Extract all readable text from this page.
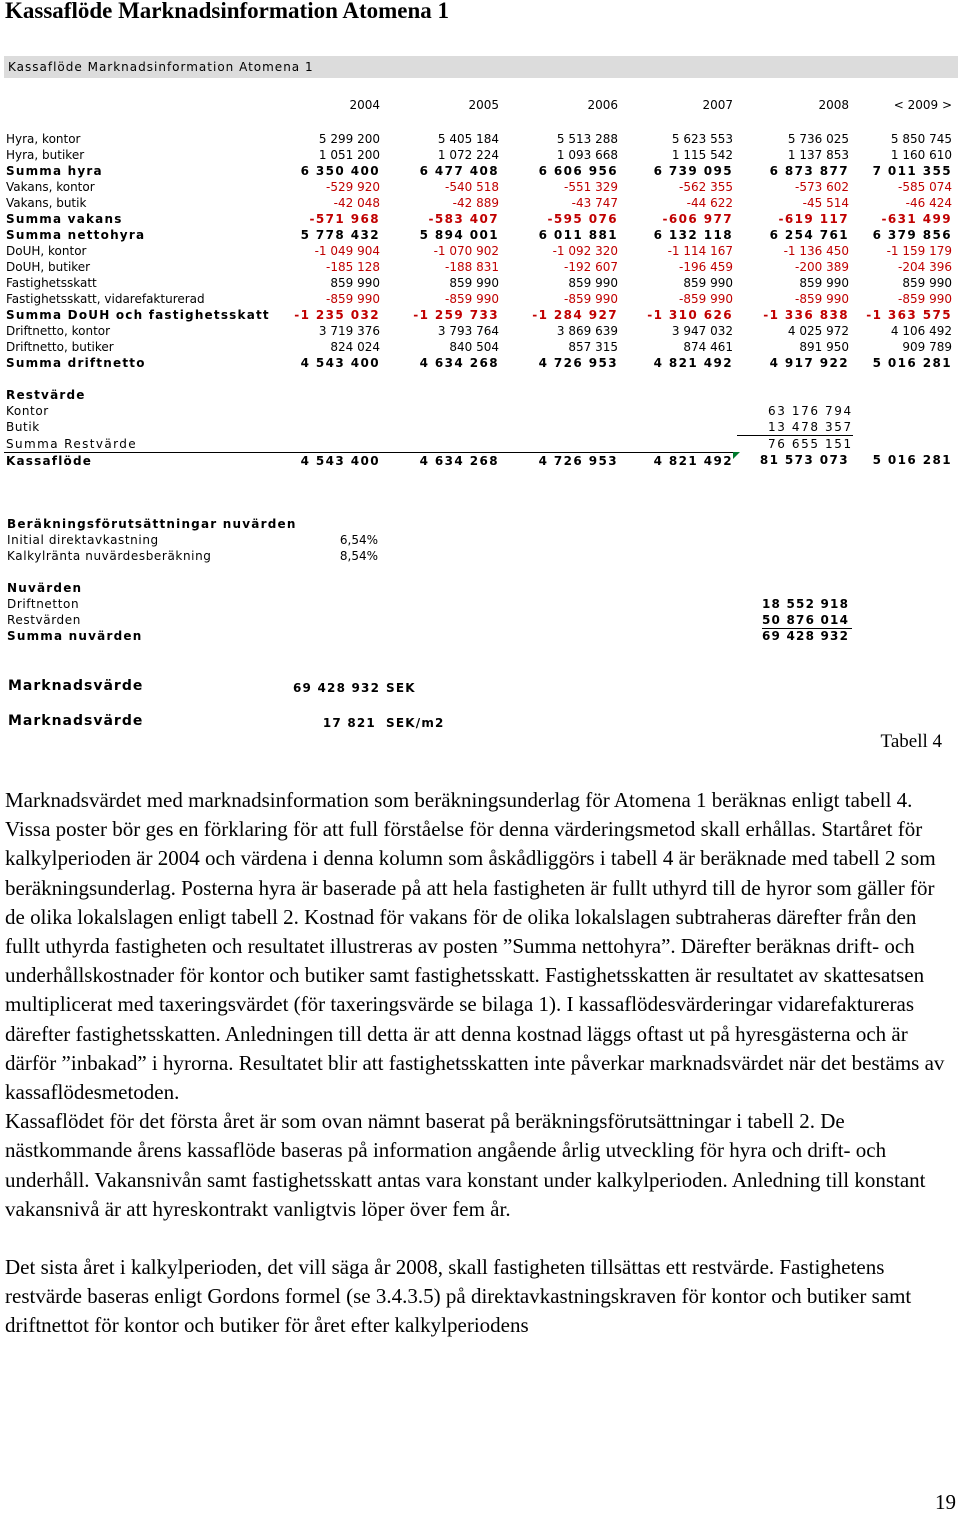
Kassaflöde Marknadsinformation Atomena 1
Kassaflöde Marknadsinformation Atomena 1
	2004	2005	2006	2007	2008	< 2009 >

Hyra, kontor	5 299 200	5 405 184	5 513 288	5 623 553	5 736 025	5 850 745
Hyra, butiker	1 051 200	1 072 224	1 093 668	1 115 542	1 137 853	1 160 610
Summa hyra	6 350 400	6 477 408	6 606 956	6 739 095	6 873 877	7 011 355
Vakans, kontor	-529 920	-540 518	-551 329	-562 355	-573 602	-585 074
Vakans, butik	-42 048	-42 889	-43 747	-44 622	-45 514	-46 424
Summa vakans	-571 968	-583 407	-595 076	-606 977	-619 117	-631 499
Summa nettohyra	5 778 432	5 894 001	6 011 881	6 132 118	6 254 761	6 379 856
DoUH, kontor	-1 049 904	-1 070 902	-1 092 320	-1 114 167	-1 136 450	-1 159 179
DoUH, butiker	-185 128	-188 831	-192 607	-196 459	-200 389	-204 396
Fastighetsskatt	859 990	859 990	859 990	859 990	859 990	859 990
Fastighetsskatt, vidarefakturerad	-859 990	-859 990	-859 990	-859 990	-859 990	-859 990
Summa DoUH och fastighetsskatt	-1 235 032	-1 259 733	-1 284 927	-1 310 626	-1 336 838	-1 363 575
Driftnetto, kontor	3 719 376	3 793 764	3 869 639	3 947 032	4 025 972	4 106 492
Driftnetto, butiker	824 024	840 504	857 315	874 461	891 950	909 789
Summa driftnetto	4 543 400	4 634 268	4 726 953	4 821 492	4 917 922	5 016 281

Restvärde						
Kontor					63 176 794	
Butik					13 478 357	
Summa Restvärde					76 655 151	
Kassaflöde	4 543 400	4 634 268	4 726 953	4 821 492	81 573 073	5 016 281
Beräkningsförutsättningar nuvärden
Initial direktavkastning	6,54%
Kalkylränta nuvärdesberäkning	8,54%
Nuvärden
Driftnetton	18 552 918
Restvärden	50 876 014
Summa nuvärden	69 428 932
Marknadsvärde	69 428 932 SEK
Marknadsvärde	17 821 SEK/m2
Tabell 4

Marknadsvärdet med marknadsinformation som beräkningsunderlag för Atomena 1 beräknas enligt tabell 4. Vissa poster bör ges en förklaring för att full förståelse för denna värderingsmetod skall erhållas. Startåret för kalkylperioden är 2004 och värdena i denna kolumn som åskådliggörs i tabell 4 är beräknade med tabell 2 som beräkningsunderlag. Posterna hyra är baserade på att hela fastigheten är fullt uthyrd till de hyror som gäller för de olika lokalslagen enligt tabell 2. Kostnad för vakans för de olika lokalslagen subtraheras därefter från den fullt uthyrda fastigheten och resultatet illustreras av posten ”Summa nettohyra”. Därefter beräknas drift- och underhållskostnader för kontor och butiker samt fastighetsskatt. Fastighetsskatten är resultatet av skattesatsen multiplicerat med taxeringsvärdet (för taxeringsvärde se bilaga 1). I kassaflödesvärderingar vidarefaktureras därefter fastighetsskatten. Anledningen till detta är att denna kostnad läggs oftast ut på hyresgästerna och är därför ”inbakad” i hyrorna. Resultatet blir att fastighetsskatten inte påverkar marknadsvärdet när det bestäms av kassaflödesmetoden.

Kassaflödet för det första året är som ovan nämnt baserat på beräkningsförutsättningar i tabell 2. De nästkommande årens kassaflöde baseras på information angående årlig utveckling för hyra och drift- och underhåll. Vakansnivån samt fastighetsskatt antas vara konstant under kalkylperioden. Anledning till konstant vakansnivå är att hyreskontrakt vanligtvis löper över fem år.

Det sista året i kalkylperioden, det vill säga år 2008, skall fastigheten tillsättas ett restvärde. Fastighetens restvärde baseras enligt Gordons formel (se 3.4.3.5) på direktavkastningskraven för kontor och butiker samt driftnettot för kontor och butiker för året efter kalkylperiodens

19
